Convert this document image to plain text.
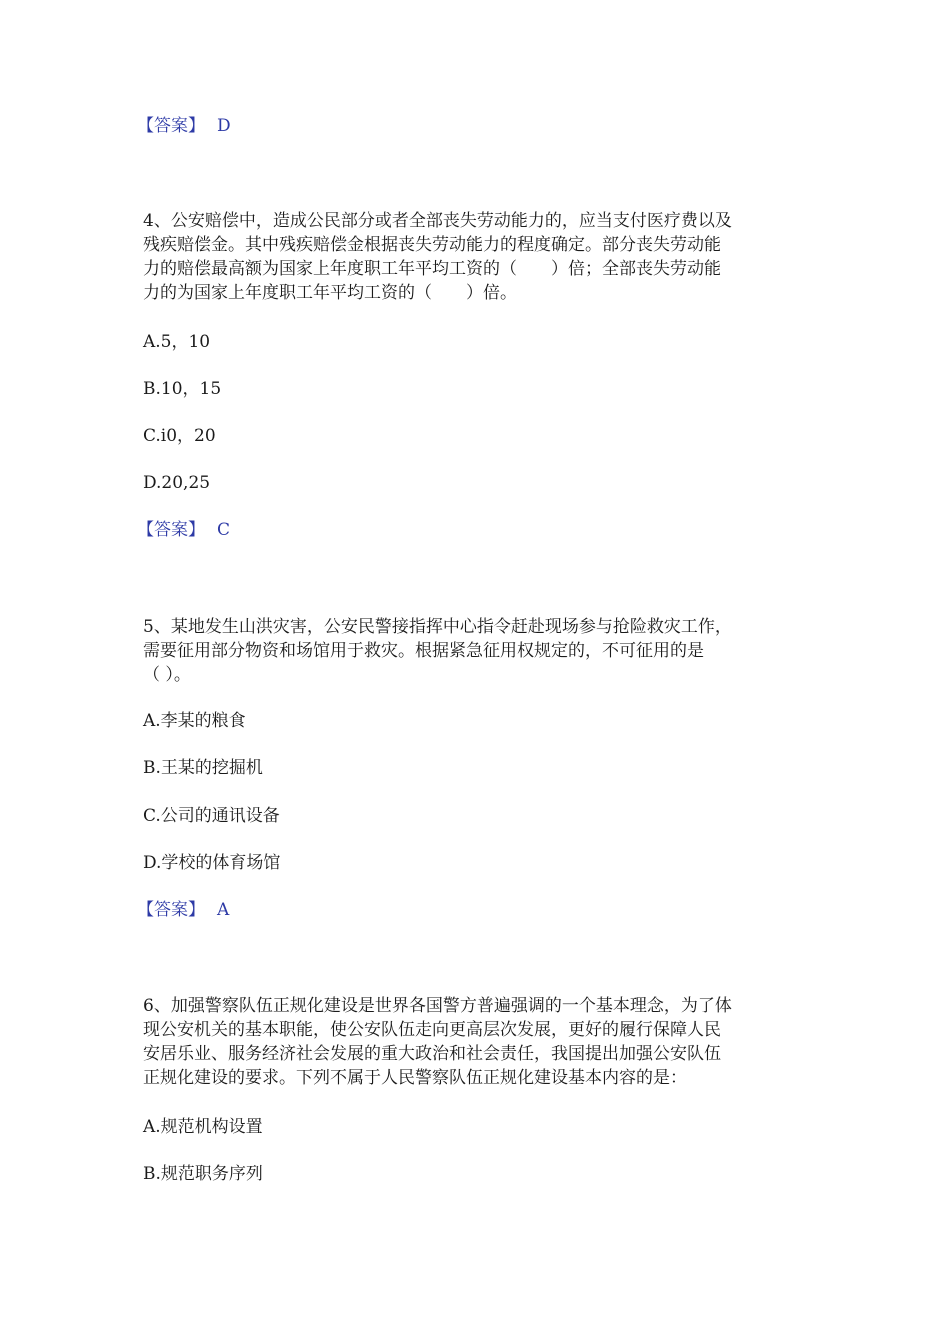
【答案】 D
4、公安赔偿中，造成公民部分或者全部丧失劳动能力的，应当支付医疗费以及
残疾赔偿金。其中残疾赔偿金根据丧失劳动能力的程度确定。部分丧失劳动能
力的赔偿最高额为国家上年度职工年平均工资的（　　）倍；全部丧失劳动能
力的为国家上年度职工年平均工资的（　　）倍。
A.5，10
B.10，15
C.i0，20
D.20,25
【答案】 C
5、某地发生山洪灾害，公安民警接指挥中心指令赶赴现场参与抢险救灾工作，
需要征用部分物资和场馆用于救灾。根据紧急征用权规定的，不可征用的是
（ ）。
A.李某的粮食
B.王某的挖掘机
C.公司的通讯设备
D.学校的体育场馆
【答案】 A
6、加强警察队伍正规化建设是世界各国警方普遍强调的一个基本理念，为了体
现公安机关的基本职能，使公安队伍走向更高层次发展，更好的履行保障人民
安居乐业、服务经济社会发展的重大政治和社会责任，我国提出加强公安队伍
正规化建设的要求。下列不属于人民警察队伍正规化建设基本内容的是：
A.规范机构设置
B.规范职务序列
